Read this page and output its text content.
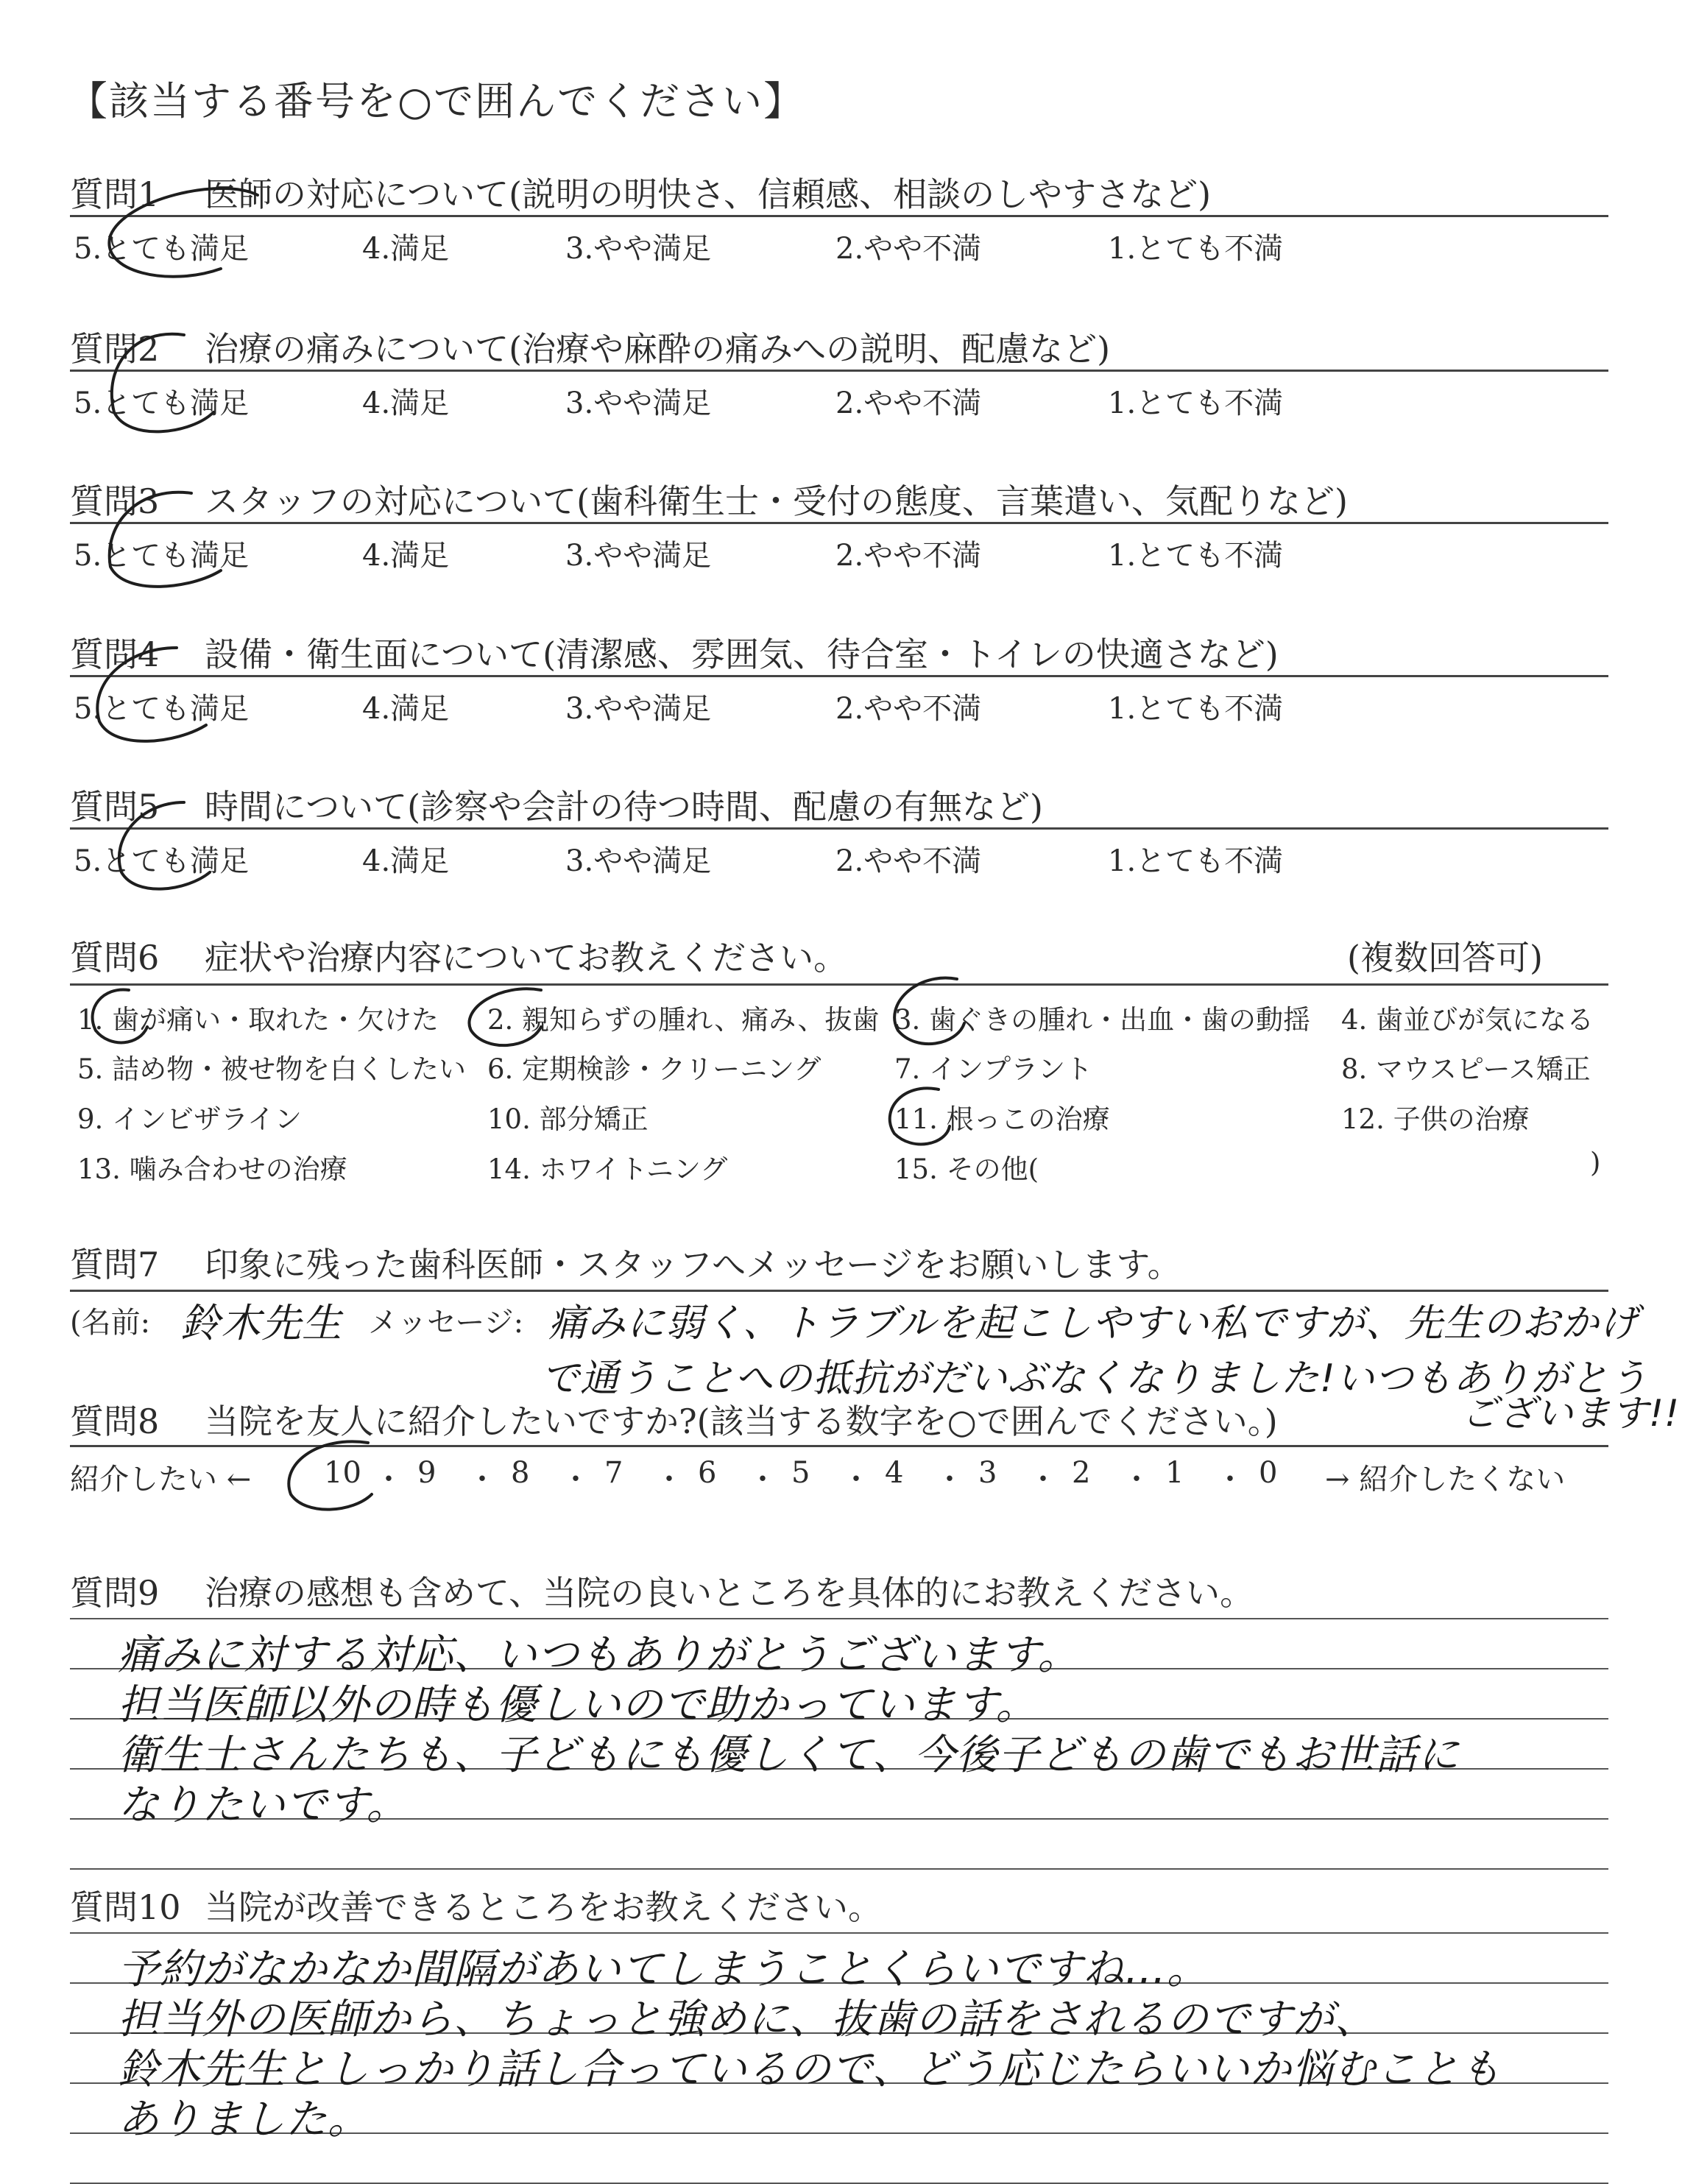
【該当する番号を○で囲んでください】
質問1 医師の対応について(説明の明快さ、信頼感、相談のしやすさなど)
5.とても満足	4.満足	3.やや満足	2.やや不満	1.とても不満
質問2 治療の痛みについて(治療や麻酔の痛みへの説明、配慮など)
5.とても満足	4.満足	3.やや満足	2.やや不満	1.とても不満
質問3 スタッフの対応について(歯科衛生士・受付の態度、言葉遣い、気配りなど)
5.とても満足	4.満足	3.やや満足	2.やや不満	1.とても不満
質問4 設備・衛生面について(清潔感、雰囲気、待合室・トイレの快適さなど)
5.とても満足	4.満足	3.やや満足	2.やや不満	1.とても不満
質問5 時間について(診察や会計の待つ時間、配慮の有無など)
5.とても満足	4.満足	3.やや満足	2.やや不満	1.とても不満
質問6 症状や治療内容についてお教えください。	(複数回答可)
1. 歯が痛い・取れた・欠けた 2. 親知らずの腫れ、痛み、抜歯 3. 歯ぐきの腫れ・出血・歯の動揺 4. 歯並びが気になる
5. 詰め物・被せ物を白くしたい 6. 定期検診・クリーニング	7. インプラント	8. マウスピース矯正
9. インビザライン	10. 部分矯正	11. 根っこの治療	12. 子供の治療
13. 噛み合わせの治療	14. ホワイトニング	15. その他(	)
質問7 印象に残った歯科医師・スタッフへメッセージをお願いします。
(名前: 鈴木先生 メッセージ: 痛みに弱く、トラブルを起こしやすい私ですが、先生のおかげ
で通うことへの抵抗がだいぶなくなりました!いつもありがとう
質問8 当院を友人に紹介したいですか?(該当する数字を○で囲んでください。)	ございます!!
紹介したい ←	→ 紹介したくない
10 ・ 9 ・ 8 ・ 7 ・ 6 ・ 5 ・ 4 ・ 3 ・ 2 ・ 1 ・ 0
質問9 治療の感想も含めて、当院の良いところを具体的にお教えください。
痛みに対する対応、いつもありがとうございます。
担当医師以外の時も優しいので助かっています。
衛生士さんたちも、子どもにも優しくて、今後子どもの歯でもお世話に
なりたいです。
質問10 当院が改善できるところをお教えください。
予約がなかなか間隔があいてしまうことくらいですね…。
担当外の医師から、ちょっと強めに、抜歯の話をされるのですが、
鈴木先生としっかり話し合っているので、どう応じたらいいか悩むことも
ありました。
